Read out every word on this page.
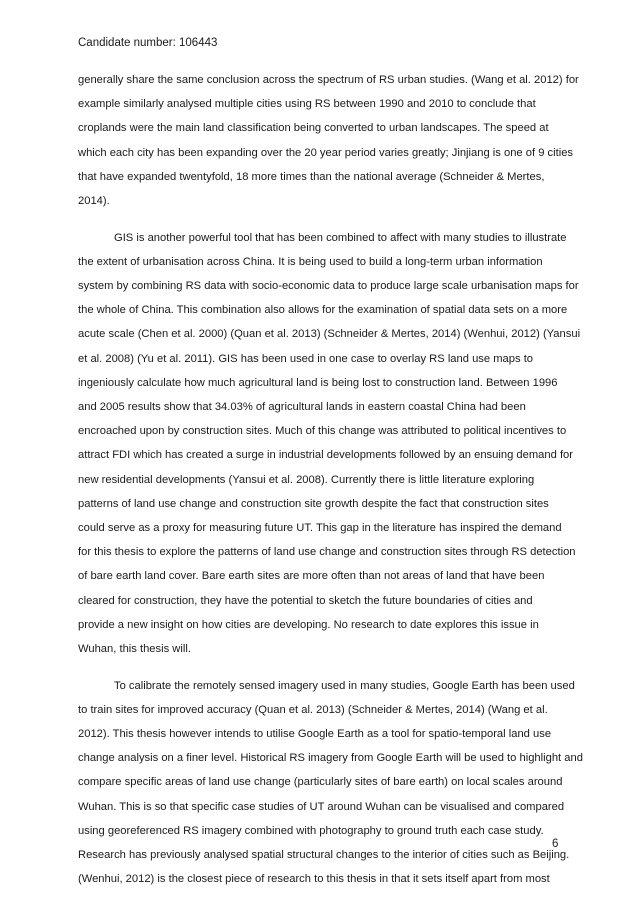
Candidate number: 106443
generally share the same conclusion across the spectrum of RS urban studies. (Wang et al. 2012) for
example similarly analysed multiple cities using RS between 1990 and 2010 to conclude that
croplands were the main land classification being converted to urban landscapes. The speed at
which each city has been expanding over the 20 year period varies greatly; Jinjiang is one of 9 cities
that have expanded twentyfold, 18 more times than the national average (Schneider & Mertes,
2014).
GIS is another powerful tool that has been combined to affect with many studies to illustrate
the extent of urbanisation across China. It is being used to build a long-term urban information
system by combining RS data with socio-economic data to produce large scale urbanisation maps for
the whole of China. This combination also allows for the examination of spatial data sets on a more
acute scale (Chen et al. 2000) (Quan et al. 2013) (Schneider & Mertes, 2014) (Wenhui, 2012) (Yansui
et al. 2008) (Yu et al. 2011). GIS has been used in one case to overlay RS land use maps to
ingeniously calculate how much agricultural land is being lost to construction land. Between 1996
and 2005 results show that 34.03% of agricultural lands in eastern coastal China had been
encroached upon by construction sites. Much of this change was attributed to political incentives to
attract FDI which has created a surge in industrial developments followed by an ensuing demand for
new residential developments (Yansui et al. 2008). Currently there is little literature exploring
patterns of land use change and construction site growth despite the fact that construction sites
could serve as a proxy for measuring future UT. This gap in the literature has inspired the demand
for this thesis to explore the patterns of land use change and construction sites through RS detection
of bare earth land cover. Bare earth sites are more often than not areas of land that have been
cleared for construction, they have the potential to sketch the future boundaries of cities and
provide a new insight on how cities are developing. No research to date explores this issue in
Wuhan, this thesis will.
To calibrate the remotely sensed imagery used in many studies, Google Earth has been used
to train sites for improved accuracy (Quan et al. 2013) (Schneider & Mertes, 2014) (Wang et al.
2012). This thesis however intends to utilise Google Earth as a tool for spatio-temporal land use
change analysis on a finer level. Historical RS imagery from Google Earth will be used to highlight and
compare specific areas of land use change (particularly sites of bare earth) on local scales around
Wuhan. This is so that specific case studies of UT around Wuhan can be visualised and compared
using georeferenced RS imagery combined with photography to ground truth each case study.
Research has previously analysed spatial structural changes to the interior of cities such as Beijing.
(Wenhui, 2012) is the closest piece of research to this thesis in that it sets itself apart from most
6
